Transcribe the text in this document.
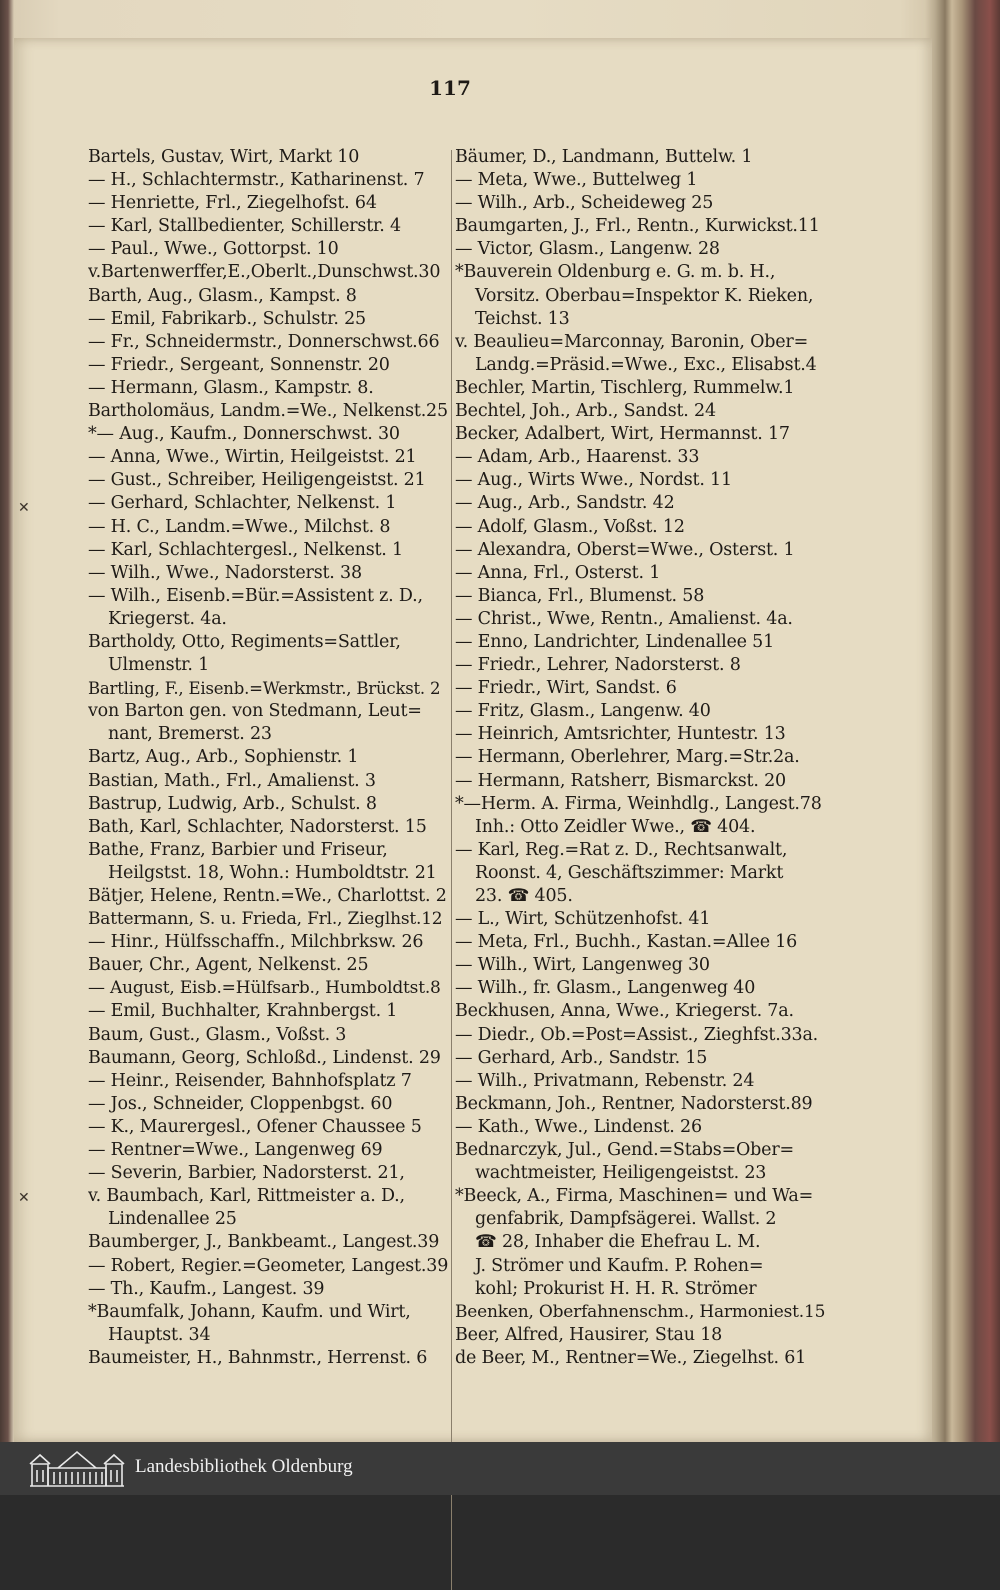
117
Bartels, Gustav, Wirt, Markt 10
— H., Schlachtermstr., Katharinenst. 7
— Henriette, Frl., Ziegelhofst. 64
— Karl, Stallbedienter, Schillerstr. 4
— Paul., Wwe., Gottorpst. 10
v.Bartenwerffer,E.,Oberlt.,Dunschwst.30
Barth, Aug., Glasm., Kampst. 8
— Emil, Fabrikarb., Schulstr. 25
— Fr., Schneidermstr., Donnerschwst.66
— Friedr., Sergeant, Sonnenstr. 20
— Hermann, Glasm., Kampstr. 8.
Bartholomäus, Landm.=We., Nelkenst.25
*— Aug., Kaufm., Donnerschwst. 30
— Anna, Wwe., Wirtin, Heilgeistst. 21
— Gust., Schreiber, Heiligengeistst. 21
— Gerhard, Schlachter, Nelkenst. 1
— H. C., Landm.=Wwe., Milchst. 8
— Karl, Schlachtergesl., Nelkenst. 1
— Wilh., Wwe., Nadorsterst. 38
— Wilh., Eisenb.=Bür.=Assistent z. D.,
Kriegerst. 4a.
Bartholdy, Otto, Regiments=Sattler,
Ulmenstr. 1
Bartling, F., Eisenb.=Werkmstr., Brückst. 2
von Barton gen. von Stedmann, Leut=
nant, Bremerst. 23
Bartz, Aug., Arb., Sophienstr. 1
Bastian, Math., Frl., Amalienst. 3
Bastrup, Ludwig, Arb., Schulst. 8
Bath, Karl, Schlachter, Nadorsterst. 15
Bathe, Franz, Barbier und Friseur,
Heilgstst. 18, Wohn.: Humboldtstr. 21
Bätjer, Helene, Rentn.=We., Charlottst. 2
Battermann, S. u. Frieda, Frl., Zieglhst.12
— Hinr., Hülfsschaffn., Milchbrksw. 26
Bauer, Chr., Agent, Nelkenst. 25
— August, Eisb.=Hülfsarb., Humboldtst.8
— Emil, Buchhalter, Krahnbergst. 1
Baum, Gust., Glasm., Voßst. 3
Baumann, Georg, Schloßd., Lindenst. 29
— Heinr., Reisender, Bahnhofsplatz 7
— Jos., Schneider, Cloppenbgst. 60
— K., Maurergesl., Ofener Chaussee 5
— Rentner=Wwe., Langenweg 69
— Severin, Barbier, Nadorsterst. 21,
v. Baumbach, Karl, Rittmeister a. D.,
Lindenallee 25
Baumberger, J., Bankbeamt., Langest.39
— Robert, Regier.=Geometer, Langest.39
— Th., Kaufm., Langest. 39
*Baumfalk, Johann, Kaufm. und Wirt,
Hauptst. 34
Baumeister, H., Bahnmstr., Herrenst. 6
Bäumer, D., Landmann, Buttelw. 1
— Meta, Wwe., Buttelweg 1
— Wilh., Arb., Scheideweg 25
Baumgarten, J., Frl., Rentn., Kurwickst.11
— Victor, Glasm., Langenw. 28
*Bauverein Oldenburg e. G. m. b. H.,
Vorsitz. Oberbau=Inspektor K. Rieken,
Teichst. 13
v. Beaulieu=Marconnay, Baronin, Ober=
Landg.=Präsid.=Wwe., Exc., Elisabst.4
Bechler, Martin, Tischlerg, Rummelw.1
Bechtel, Joh., Arb., Sandst. 24
Becker, Adalbert, Wirt, Hermannst. 17
— Adam, Arb., Haarenst. 33
— Aug., Wirts Wwe., Nordst. 11
— Aug., Arb., Sandstr. 42
— Adolf, Glasm., Voßst. 12
— Alexandra, Oberst=Wwe., Osterst. 1
— Anna, Frl., Osterst. 1
— Bianca, Frl., Blumenst. 58
— Christ., Wwe, Rentn., Amalienst. 4a.
— Enno, Landrichter, Lindenallee 51
— Friedr., Lehrer, Nadorsterst. 8
— Friedr., Wirt, Sandst. 6
— Fritz, Glasm., Langenw. 40
— Heinrich, Amtsrichter, Huntestr. 13
— Hermann, Oberlehrer, Marg.=Str.2a.
— Hermann, Ratsherr, Bismarckst. 20
*—Herm. A. Firma, Weinhdlg., Langest.78
Inh.: Otto Zeidler Wwe., ☎ 404.
— Karl, Reg.=Rat z. D., Rechtsanwalt,
Roonst. 4, Geschäftszimmer: Markt
23. ☎ 405.
— L., Wirt, Schützenhofst. 41
— Meta, Frl., Buchh., Kastan.=Allee 16
— Wilh., Wirt, Langenweg 30
— Wilh., fr. Glasm., Langenweg 40
Beckhusen, Anna, Wwe., Kriegerst. 7a.
— Diedr., Ob.=Post=Assist., Zieghfst.33a.
— Gerhard, Arb., Sandstr. 15
— Wilh., Privatmann, Rebenstr. 24
Beckmann, Joh., Rentner, Nadorsterst.89
— Kath., Wwe., Lindenst. 26
Bednarczyk, Jul., Gend.=Stabs=Ober=
wachtmeister, Heiligengeistst. 23
*Beeck, A., Firma, Maschinen= und Wa=
genfabrik, Dampfsägerei. Wallst. 2
☎ 28, Inhaber die Ehefrau L. M.
J. Strömer und Kaufm. P. Rohen=
kohl; Prokurist H. H. R. Strömer
Beenken, Oberfahnenschm., Harmoniest.15
Beer, Alfred, Hausirer, Stau 18
de Beer, M., Rentner=We., Ziegelhst. 61
✕
✕
Landesbibliothek Oldenburg
